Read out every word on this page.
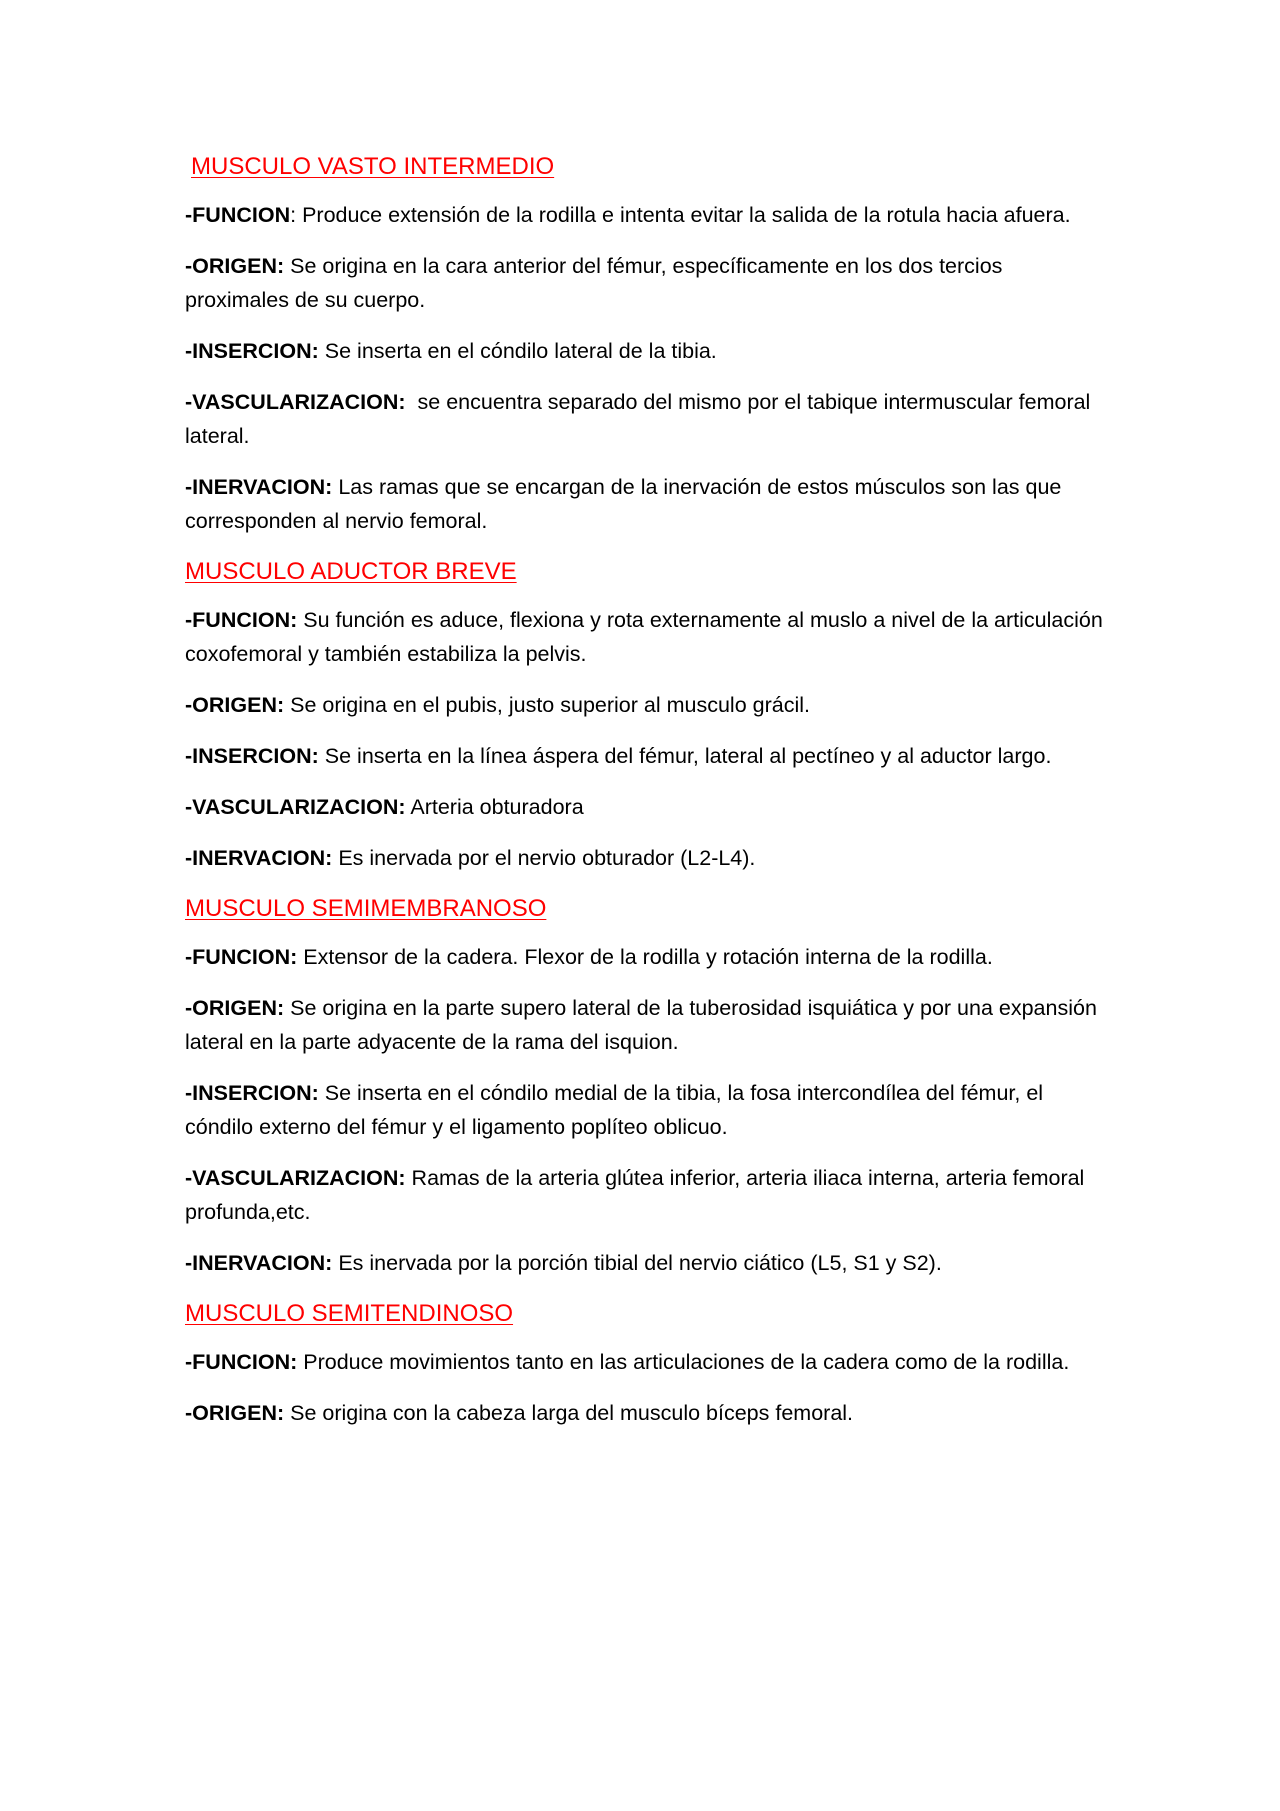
MUSCULO VASTO INTERMEDIO

-FUNCION: Produce extensión de la rodilla e intenta evitar la salida de la rotula hacia afuera.

-ORIGEN: Se origina en la cara anterior del fémur, específicamente en los dos tercios proximales de su cuerpo.

-INSERCION: Se inserta en el cóndilo lateral de la tibia.

-VASCULARIZACION: se encuentra separado del mismo por el tabique intermuscular femoral lateral.

-INERVACION: Las ramas que se encargan de la inervación de estos músculos son las que corresponden al nervio femoral.

MUSCULO ADUCTOR BREVE

-FUNCION: Su función es aduce, flexiona y rota externamente al muslo a nivel de la articulación coxofemoral y también estabiliza la pelvis.

-ORIGEN: Se origina en el pubis, justo superior al musculo grácil.

-INSERCION: Se inserta en la línea áspera del fémur, lateral al pectíneo y al aductor largo.

-VASCULARIZACION: Arteria obturadora

-INERVACION: Es inervada por el nervio obturador (L2-L4).

MUSCULO SEMIMEMBRANOSO

-FUNCION: Extensor de la cadera. Flexor de la rodilla y rotación interna de la rodilla.

-ORIGEN: Se origina en la parte supero lateral de la tuberosidad isquiática y por una expansión lateral en la parte adyacente de la rama del isquion.

-INSERCION: Se inserta en el cóndilo medial de la tibia, la fosa intercondílea del fémur, el cóndilo externo del fémur y el ligamento poplíteo oblicuo.

-VASCULARIZACION: Ramas de la arteria glútea inferior, arteria iliaca interna, arteria femoral profunda,etc.

-INERVACION: Es inervada por la porción tibial del nervio ciático (L5, S1 y S2).

MUSCULO SEMITENDINOSO

-FUNCION: Produce movimientos tanto en las articulaciones de la cadera como de la rodilla.

-ORIGEN: Se origina con la cabeza larga del musculo bíceps femoral.
